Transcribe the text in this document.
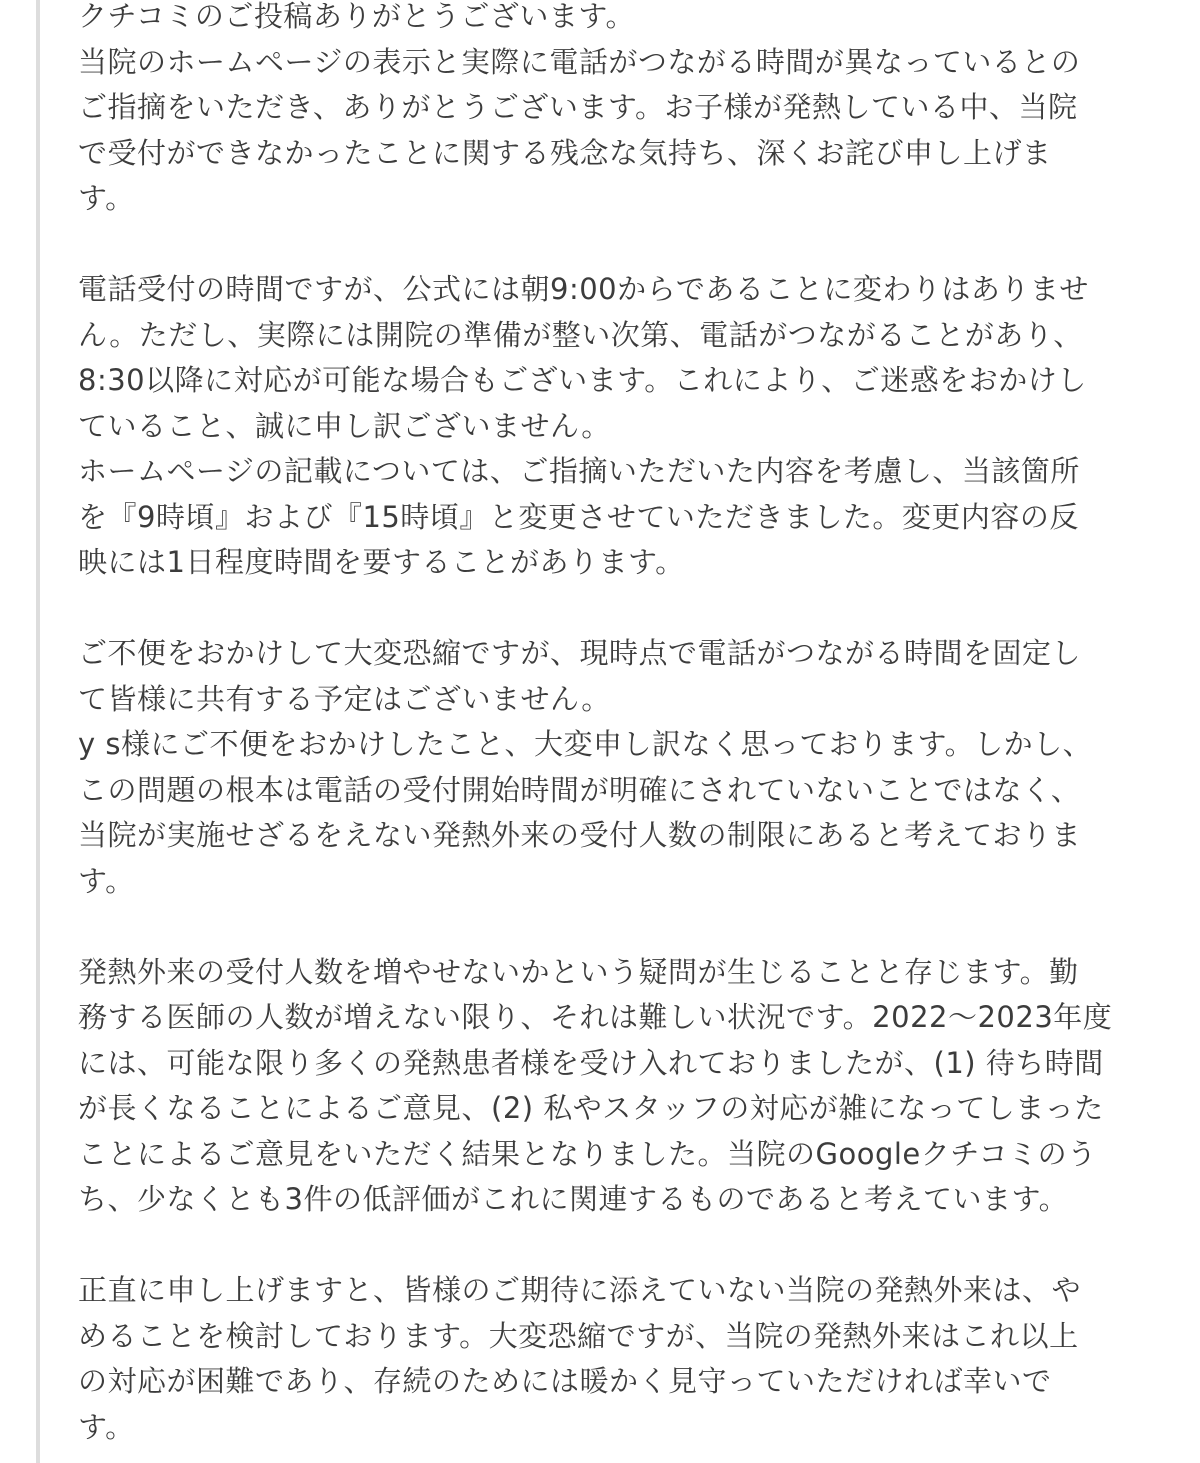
クチコミのご投稿ありがとうございます。
当院のホームページの表示と実際に電話がつながる時間が異なっているとの
ご指摘をいただき、ありがとうございます。お子様が発熱している中、当院
で受付ができなかったことに関する残念な気持ち、深くお詫び申し上げま
す。

電話受付の時間ですが、公式には朝9:00からであることに変わりはありませ
ん。ただし、実際には開院の準備が整い次第、電話がつながることがあり、
8:30以降に対応が可能な場合もございます。これにより、ご迷惑をおかけし
ていること、誠に申し訳ございません。
ホームページの記載については、ご指摘いただいた内容を考慮し、当該箇所
を『9時頃』および『15時頃』と変更させていただきました。変更内容の反
映には1日程度時間を要することがあります。

ご不便をおかけして大変恐縮ですが、現時点で電話がつながる時間を固定し
て皆様に共有する予定はございません。
y s様にご不便をおかけしたこと、大変申し訳なく思っております。しかし、
この問題の根本は電話の受付開始時間が明確にされていないことではなく、
当院が実施せざるをえない発熱外来の受付人数の制限にあると考えておりま
す。

発熱外来の受付人数を増やせないかという疑問が生じることと存じます。勤
務する医師の人数が増えない限り、それは難しい状況です。2022〜2023年度
には、可能な限り多くの発熱患者様を受け入れておりましたが、(1) 待ち時間
が長くなることによるご意見、(2) 私やスタッフの対応が雑になってしまった
ことによるご意見をいただく結果となりました。当院のGoogleクチコミのう
ち、少なくとも3件の低評価がこれに関連するものであると考えています。

正直に申し上げますと、皆様のご期待に添えていない当院の発熱外来は、や
めることを検討しております。大変恐縮ですが、当院の発熱外来はこれ以上
の対応が困難であり、存続のためには暖かく見守っていただければ幸いで
す。
